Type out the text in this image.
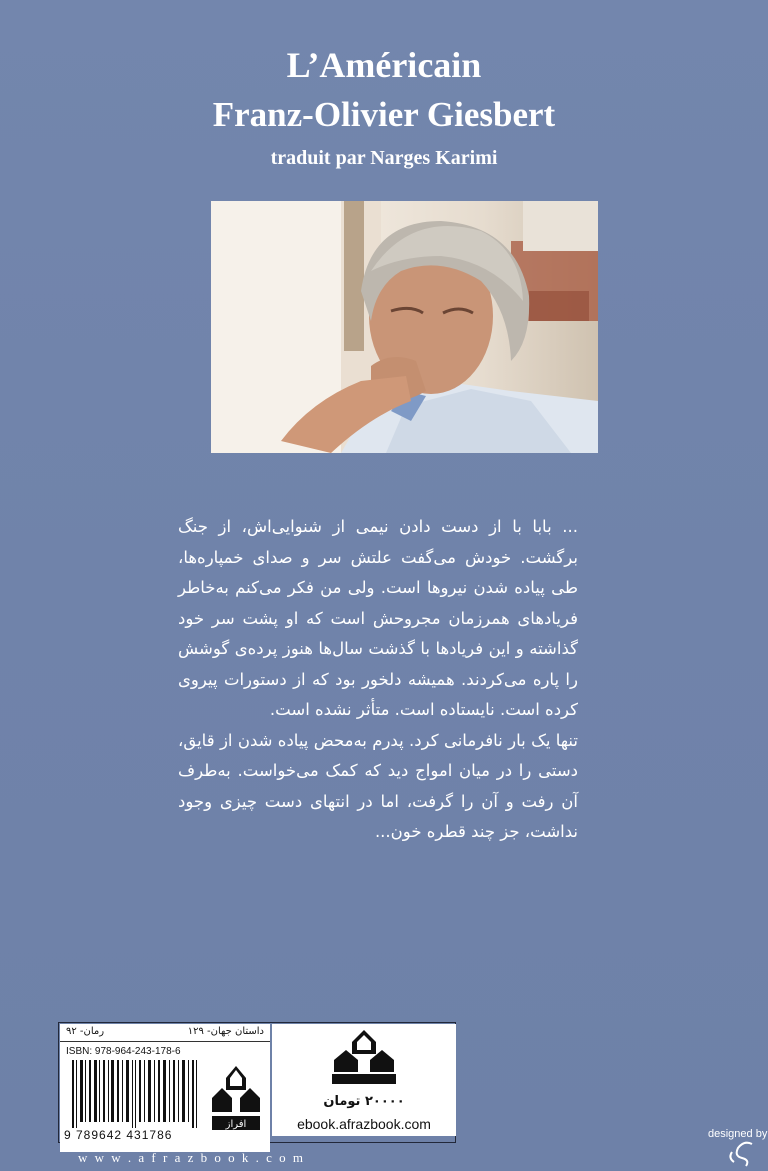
L’Américain
Franz-Olivier Giesbert
traduit par Narges Karimi

... بابا با از دست دادن نیمی از شنوایی‌اش، از جنگ برگشت. خودش می‌گفت علتش سر و صدای خمپاره‌ها، طی پیاده شدن نیروها است. ولی من فکر می‌کنم به‌خاطر فریادهای همرزمان مجروحش است که او پشت سر خود گذاشته و این فریادها با گذشت سال‌ها هنوز پرده‌ی گوشش را پاره می‌کردند. همیشه دلخور بود که از دستورات پیروی کرده است. نایستاده است. متأثر نشده است.

تنها یک بار نافرمانی کرد. پدرم به‌محض پیاده شدن از قایق، دستی را در میان امواج دید که کمک می‌خواست. به‌طرف آن رفت و آن را گرفت، اما در انتهای دست چیزی وجود نداشت، جز چند قطره خون...

داستان جهان- ۱۲۹
رمان- ۹۲
ISBN: 978-964-243-178-6
9 789642 431786
افراز
۲۰۰۰۰ تومان
ebook.afrazbook.com
w w w . a f r a z b o o k . c o m
designed by
